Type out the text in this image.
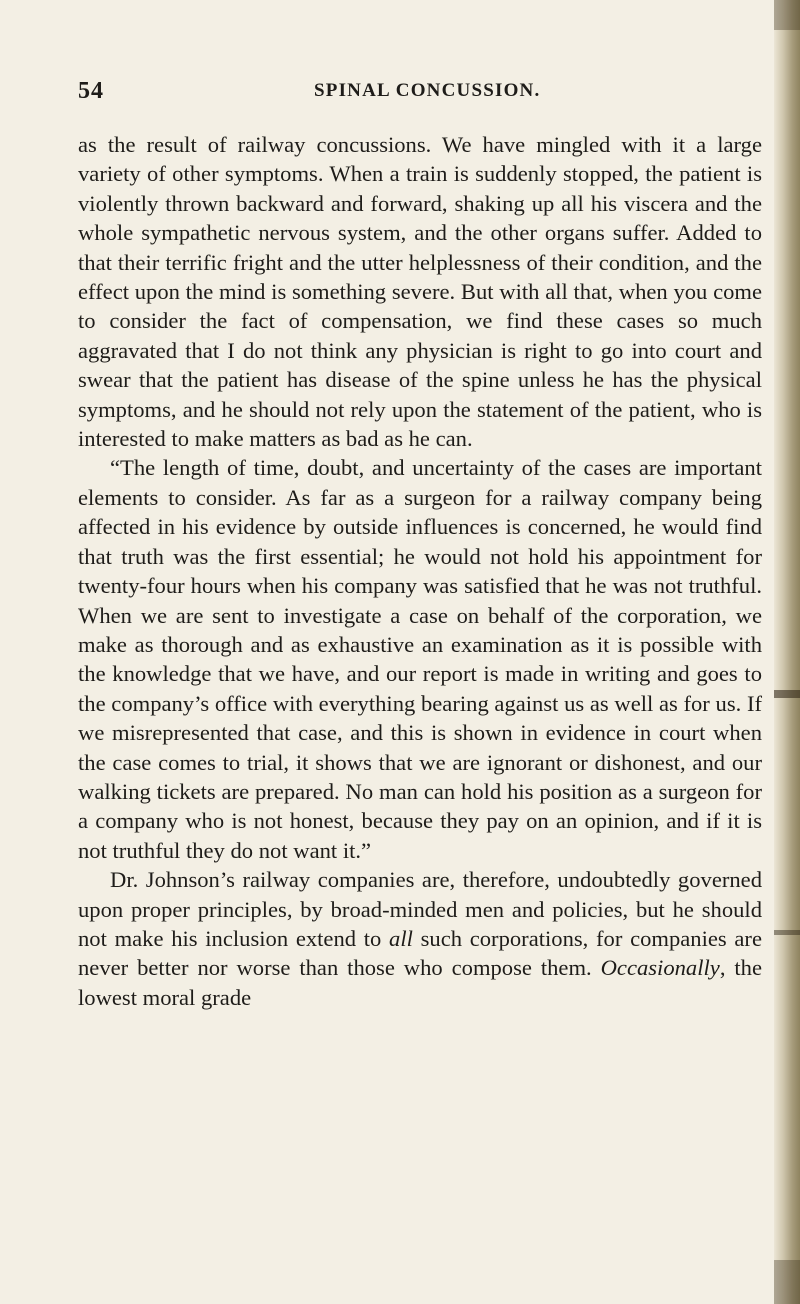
54	SPINAL CONCUSSION.

as the result of railway concussions. We have mingled with it a large variety of other symptoms. When a train is suddenly stopped, the patient is violently thrown backward and forward, shaking up all his viscera and the whole sympathetic nervous system, and the other organs suffer. Added to that their terrific fright and the utter helplessness of their condition, and the effect upon the mind is something severe. But with all that, when you come to consider the fact of compensation, we find these cases so much aggravated that I do not think any physician is right to go into court and swear that the patient has disease of the spine unless he has the physical symptoms, and he should not rely upon the statement of the patient, who is interested to make matters as bad as he can.

“The length of time, doubt, and uncertainty of the cases are important elements to consider. As far as a surgeon for a railway company being affected in his evidence by outside influences is concerned, he would find that truth was the first essential; he would not hold his appointment for twenty-four hours when his company was satisfied that he was not truthful. When we are sent to investigate a case on behalf of the corporation, we make as thorough and as exhaustive an examination as it is possible with the knowledge that we have, and our report is made in writing and goes to the company’s office with everything bearing against us as well as for us. If we misrepresented that case, and this is shown in evidence in court when the case comes to trial, it shows that we are ignorant or dishonest, and our walking tickets are prepared. No man can hold his position as a surgeon for a company who is not honest, because they pay on an opinion, and if it is not truthful they do not want it.”

Dr. Johnson’s railway companies are, therefore, undoubtedly governed upon proper principles, by broad-minded men and policies, but he should not make his inclusion extend to all such corporations, for companies are never better nor worse than those who compose them. Occasionally, the lowest moral grade
